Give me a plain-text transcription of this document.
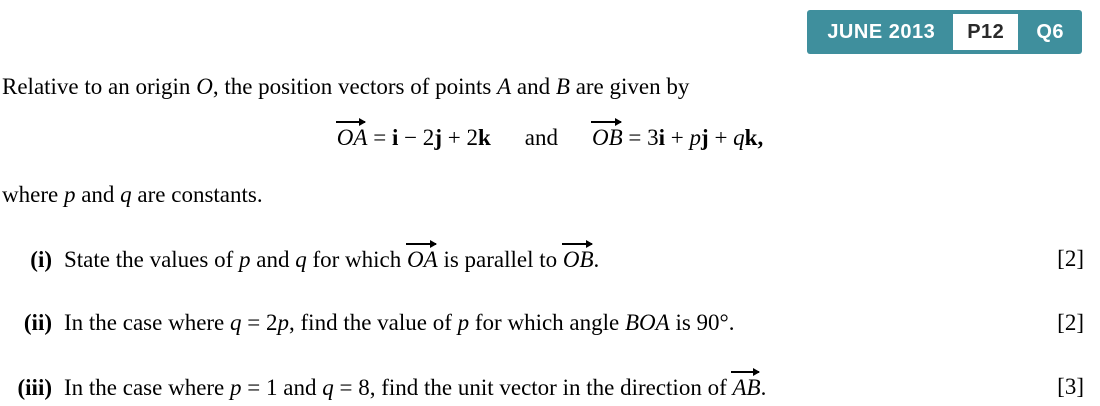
JUNE 2013	P12	Q6
Relative to an origin O, the position vectors of points A and B are given by
OA = i − 2j + 2k and OB = 3i + pj + qk,
where p and q are constants.
(i) State the values of p and q for which OA is parallel to OB.	[2]
(ii) In the case where q = 2p, find the value of p for which angle BOA is 90°.	[2]
(iii) In the case where p = 1 and q = 8, find the unit vector in the direction of AB.	[3]
